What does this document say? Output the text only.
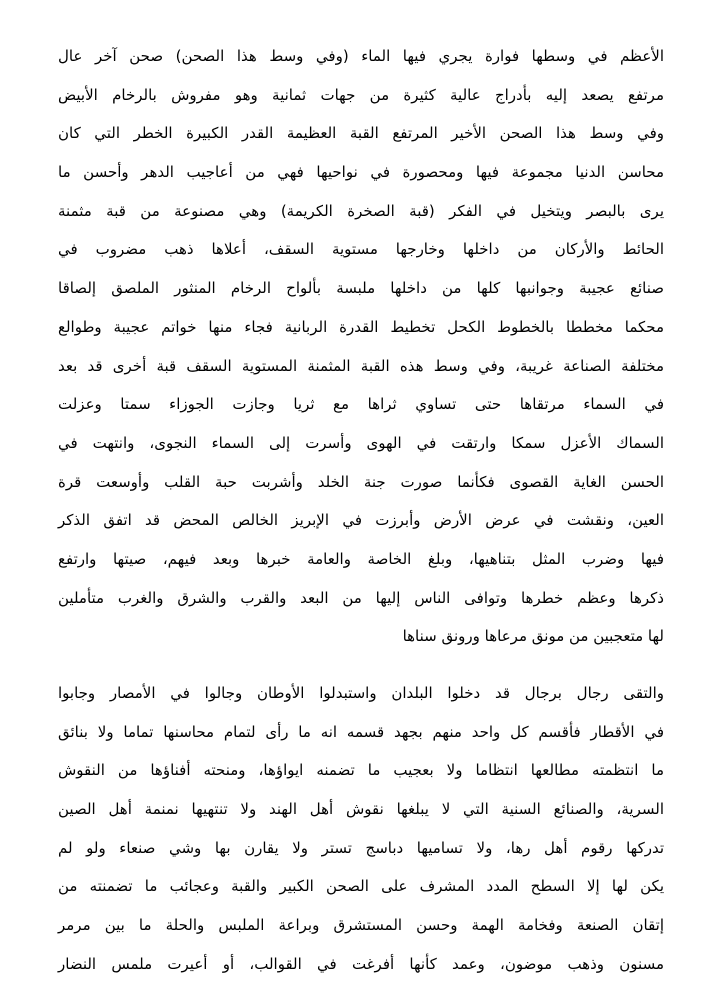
الأعظم في وسطها فوارة يجري فيها الماء (وفي وسط هذا الصحن) صحن آخر عال
مرتفع يصعد إليه بأدراج عالية كثيرة من جهات ثمانية وهو مفروش بالرخام الأبيض
وفي وسط هذا الصحن الأخير المرتفع القبة العظيمة القدر الكبيرة الخطر التي كان
محاسن الدنيا مجموعة فيها ومحصورة في نواحيها فهي من أعاجيب الدهر وأحسن ما
يرى بالبصر ويتخيل في الفكر (قبة الصخرة الكريمة) وهي مصنوعة من قبة مثمنة
الحائط والأركان من داخلها وخارجها مستوية السقف، أعلاها ذهب مضروب في
صنائع عجيبة وجوانبها كلها من داخلها ملبسة بألواح الرخام المنثور الملصق إلصاقا
محكما مخططا بالخطوط الكحل تخطيط القدرة الربانية فجاء منها خواتم عجيبة وطوالع
مختلفة الصناعة غريبة، وفي وسط هذه القبة المثمنة المستوية السقف قبة أخرى قد بعد
في السماء مرتقاها حتى تساوي ثراها مع ثريا وجازت الجوزاء سمتا وعزلت
السماك الأعزل سمكا وارتقت في الهوى وأسرت إلى السماء النجوى، وانتهت في
الحسن الغاية القصوى فكأنما صورت جنة الخلد وأشربت حبة القلب وأوسعت قرة
العين، ونقشت في عرض الأرض وأبرزت في الإبريز الخالص المحض قد اتفق الذكر
فيها وضرب المثل بتناهيها، وبلغ الخاصة والعامة خبرها وبعد فيهم، صيتها وارتفع
ذكرها وعظم خطرها وتوافى الناس إليها من البعد والقرب والشرق والغرب متأملين
لها متعجبين من مونق مرعاها ورونق سناها
والتقى رجال برجال قد دخلوا البلدان واستبدلوا الأوطان وجالوا في الأمصار وجابوا
في الأقطار فأقسم كل واحد منهم بجهد قسمه انه ما رأى لتمام محاسنها تماما ولا بنائق
ما انتظمته مطالعها انتظاما ولا بعجيب ما تضمنه ايواؤها، ومنحته أفناؤها من النقوش
السرية، والصنائع السنية التي لا يبلغها نقوش أهل الهند ولا تنتهيها نمنمة أهل الصين
تدركها رقوم أهل رها، ولا تساميها دباسج تستر ولا يقارن بها وشي صنعاء ولو لم
يكن لها إلا السطح المدد المشرف على الصحن الكبير والقبة وعجائب ما تضمنته من
إتقان الصنعة وفخامة الهمة وحسن المستشرق وبراعة الملبس والحلة ما بين مرمر
مسنون وذهب موضون، وعمد كأنها أفرغت في القوالب، أو أعيرت ملمس النضار
